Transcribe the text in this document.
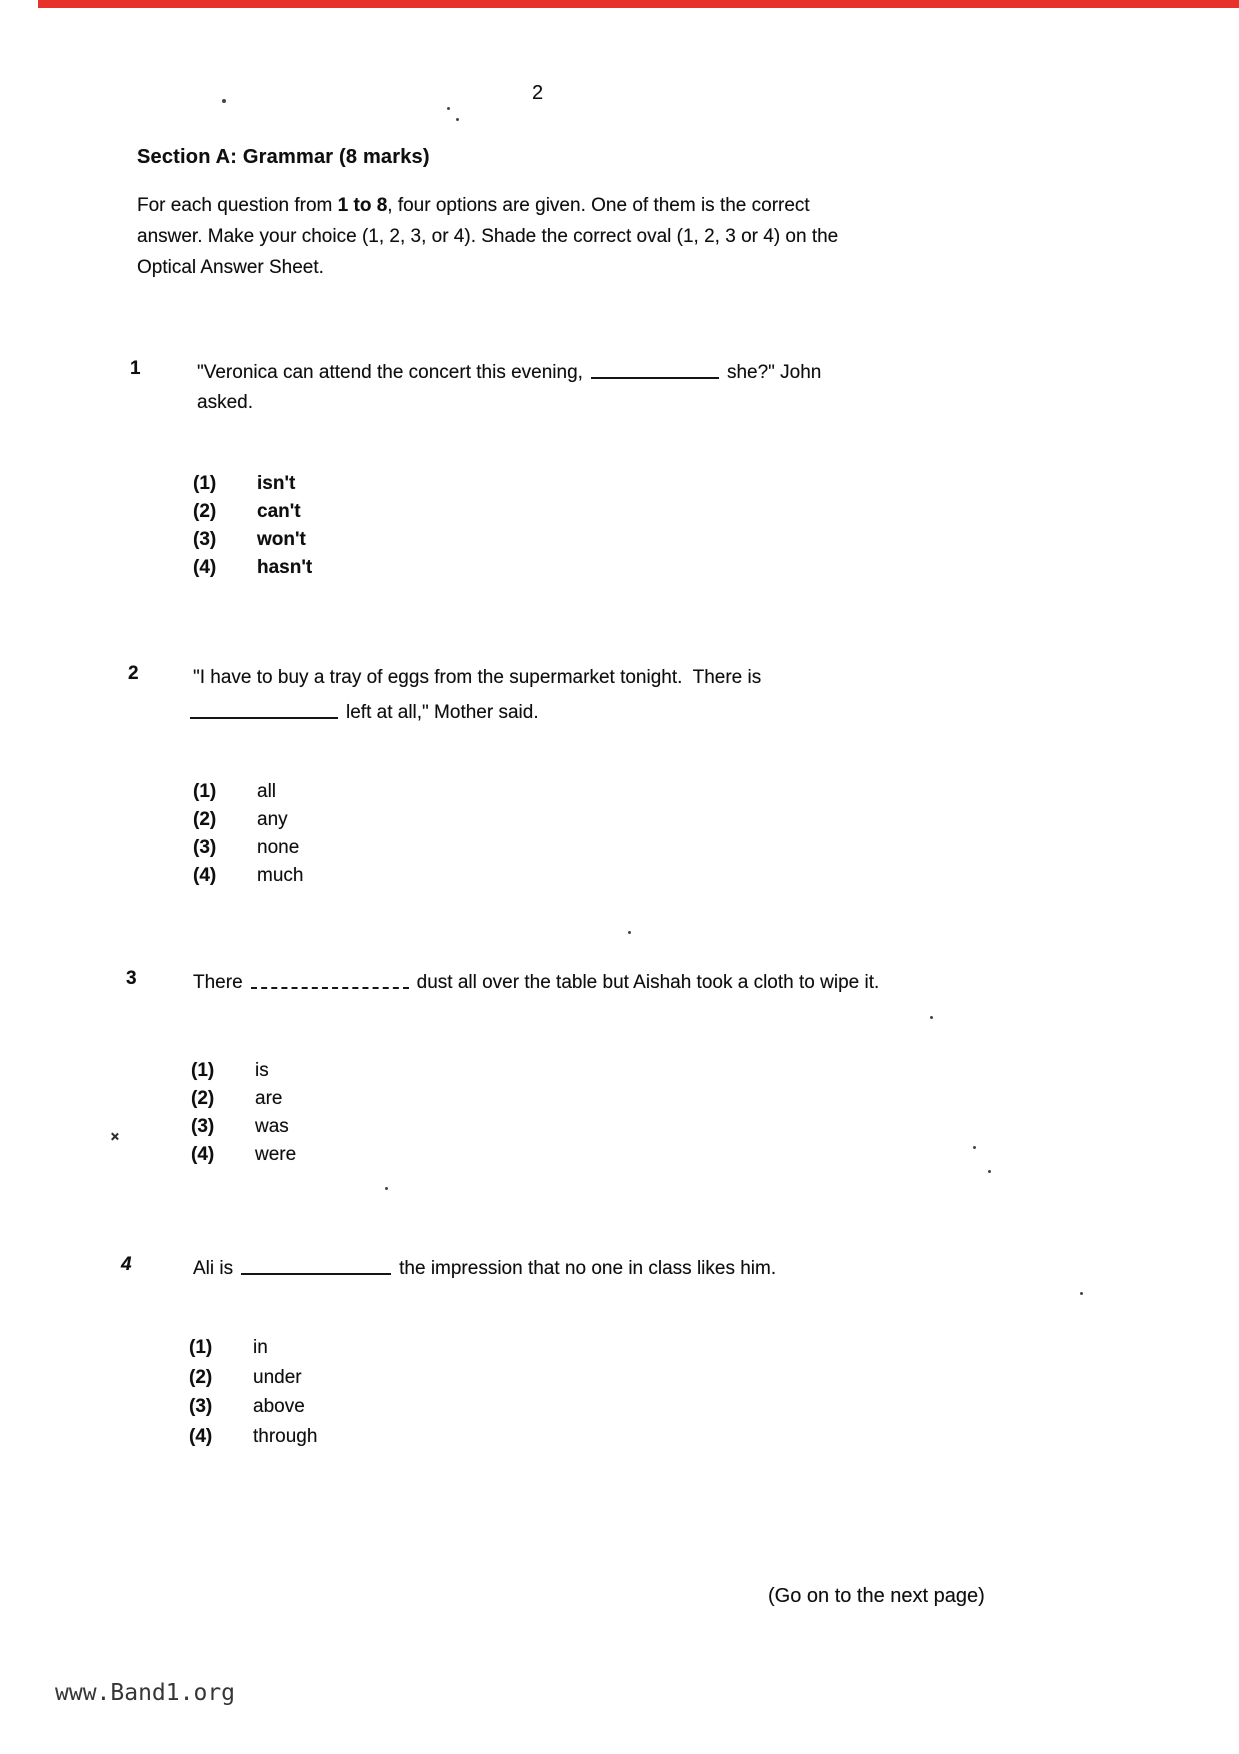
2
Section A: Grammar (8 marks)
For each question from 1 to 8, four options are given. One of them is the correct
answer. Make your choice (1, 2, 3, or 4). Shade the correct oval (1, 2, 3 or 4) on the
Optical Answer Sheet.
1	"Veronica can attend the concert this evening,	she?" John
asked.
(1)	isn't
(2)	can't
(3)	won't
(4)	hasn't
2	"I have to buy a tray of eggs from the supermarket tonight.  There is
left at all," Mother said.
(1)	all
(2)	any
(3)	none
(4)	much
3	There	dust all over the table but Aishah took a cloth to wipe it.
(1)	is
(2)	are
(3)	was
(4)	were
4	Ali is	the impression that no one in class likes him.
(1)	in
(2)	under
(3)	above
(4)	through
(Go on to the next page)
www.Band1.org
